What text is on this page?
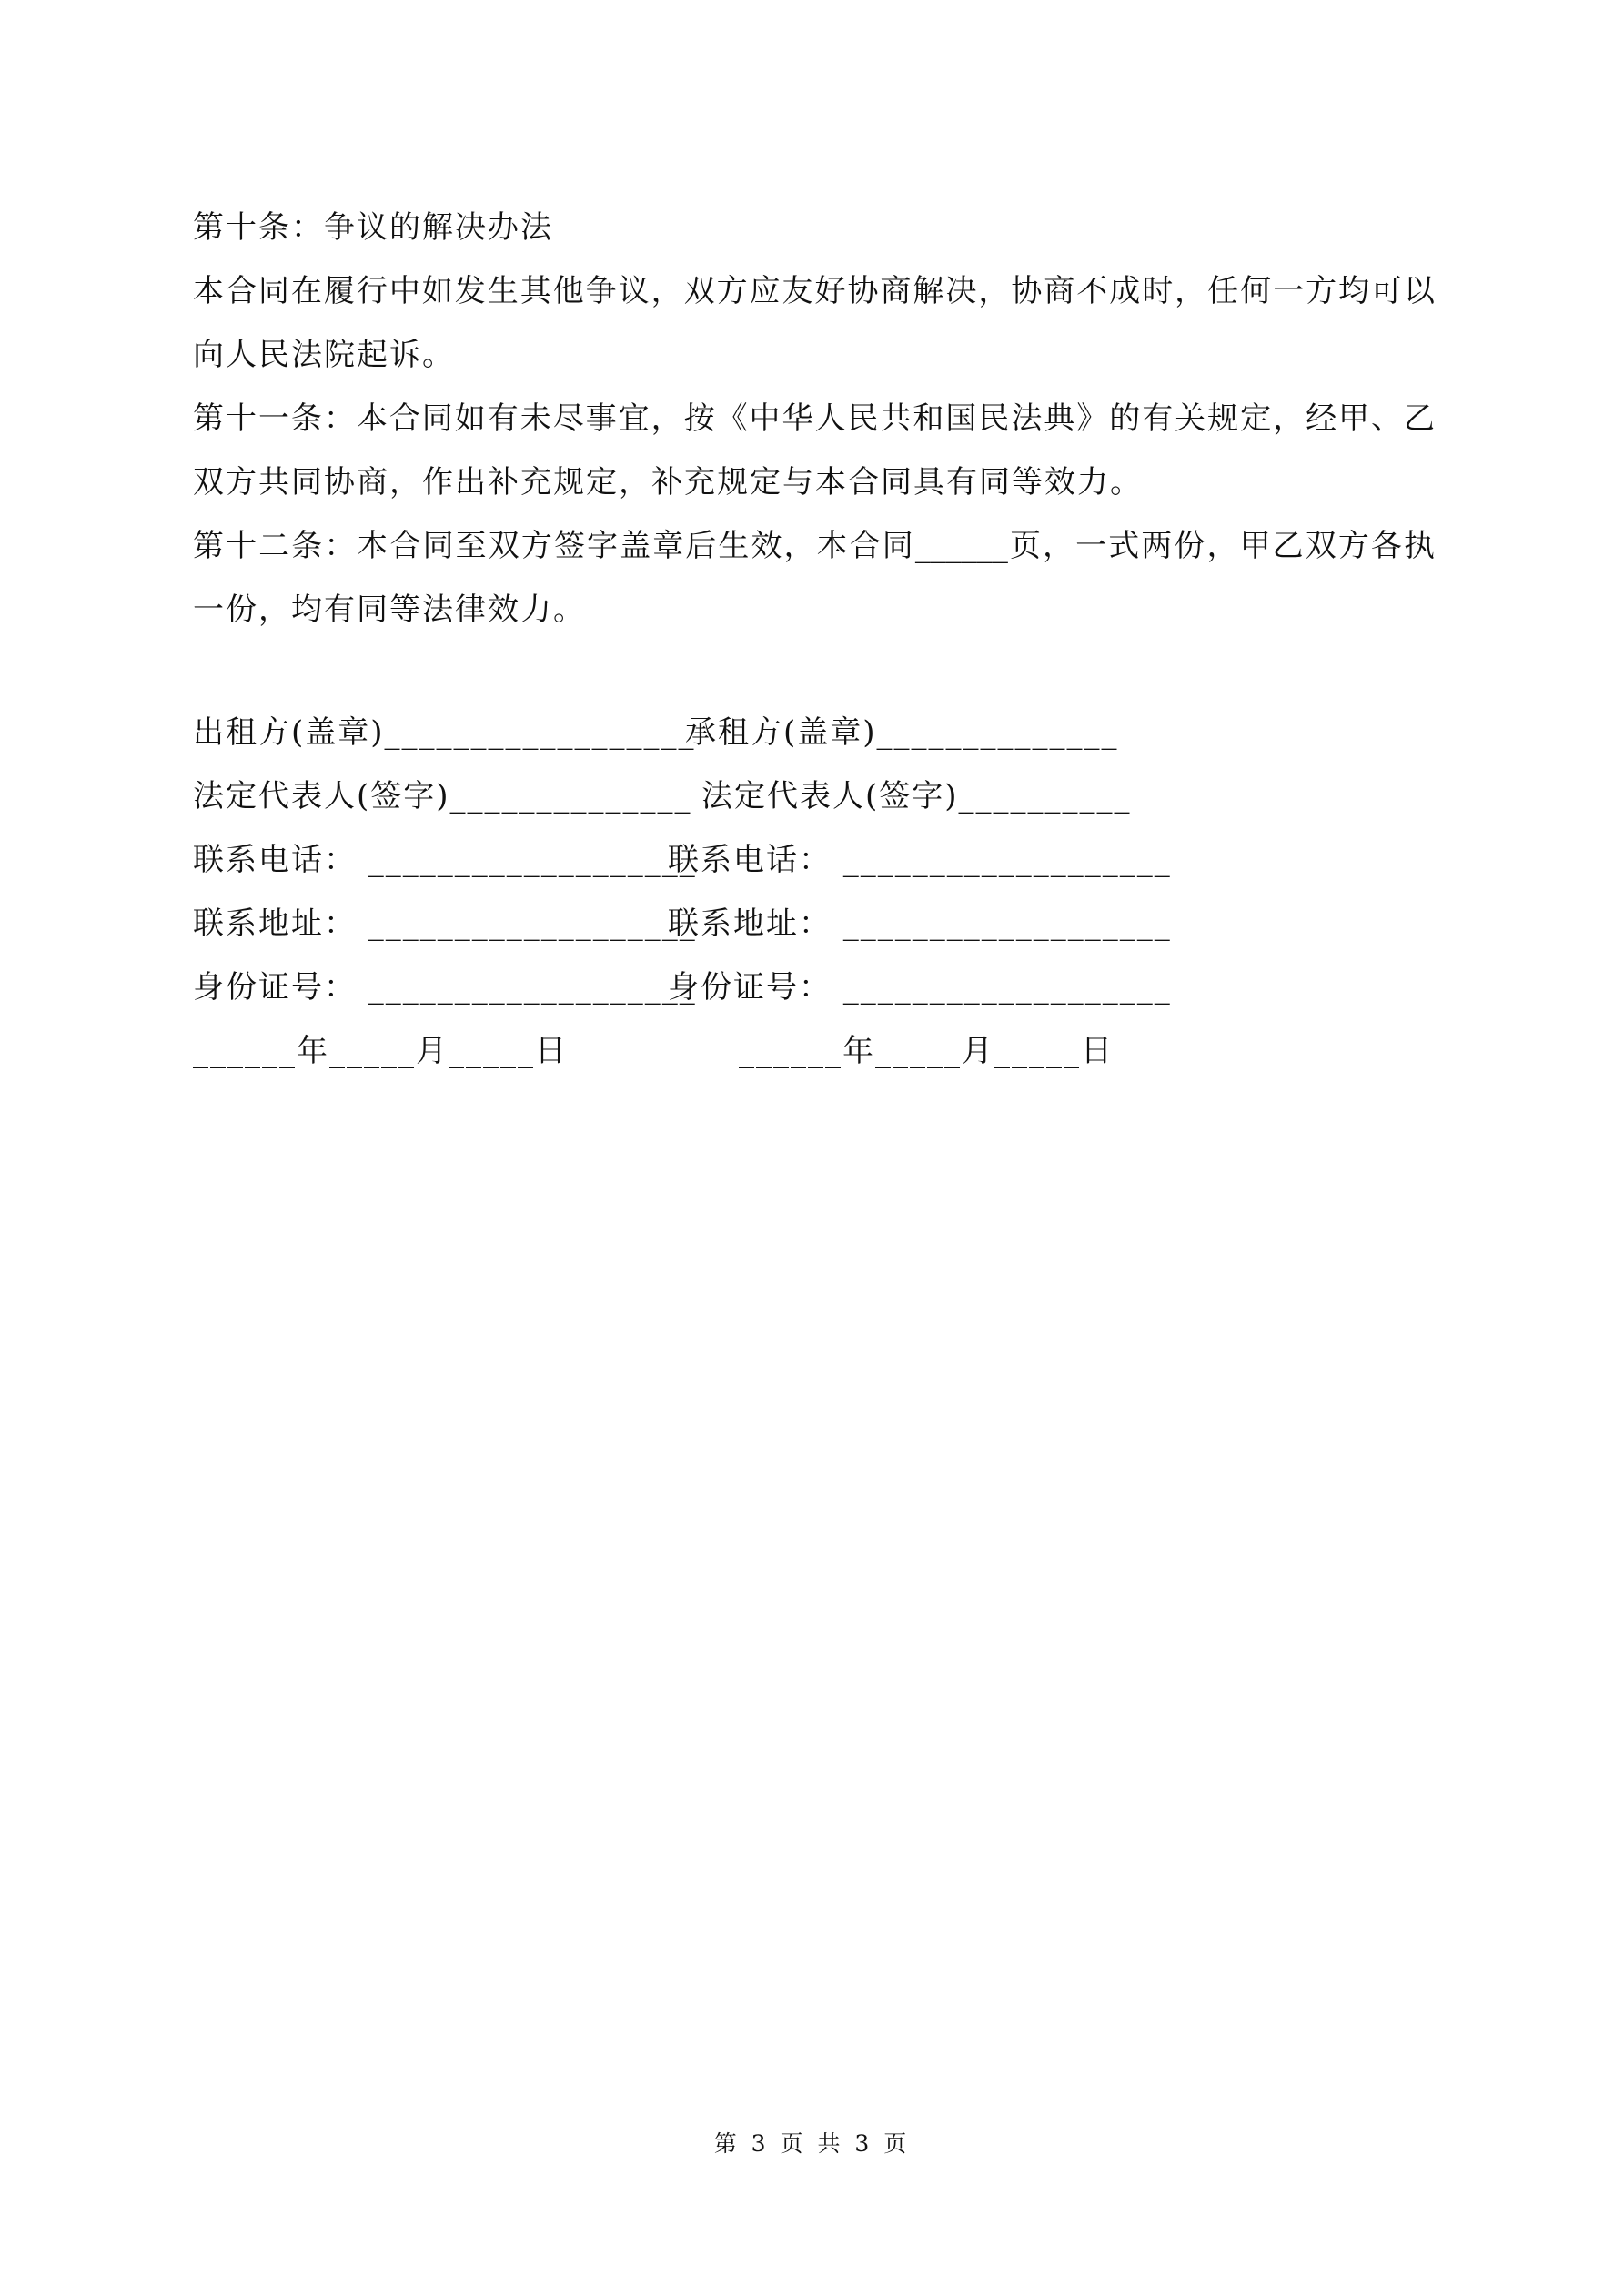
第十条：争议的解决办法
本合同在履行中如发生其他争议，双方应友好协商解决，协商不成时，任何一方均可以
向人民法院起诉。
第十一条：本合同如有未尽事宜，按《中华人民共和国民法典》的有关规定，经甲、乙
双方共同协商，作出补充规定，补充规定与本合同具有同等效力。
第十二条：本合同至双方签字盖章后生效，本合同______页，一式两份，甲乙双方各执
一份，均有同等法律效力。
出租方(盖章)__________________
承租方(盖章)______________
法定代表人(签字)______________ 法定代表人(签字)__________
联系电话： ___________________
联系电话： ___________________
联系地址： ___________________
联系地址： ___________________
身份证号： ___________________
身份证号： ___________________
______年_____月_____日	______年_____月_____日
第 3 页 共 3 页
